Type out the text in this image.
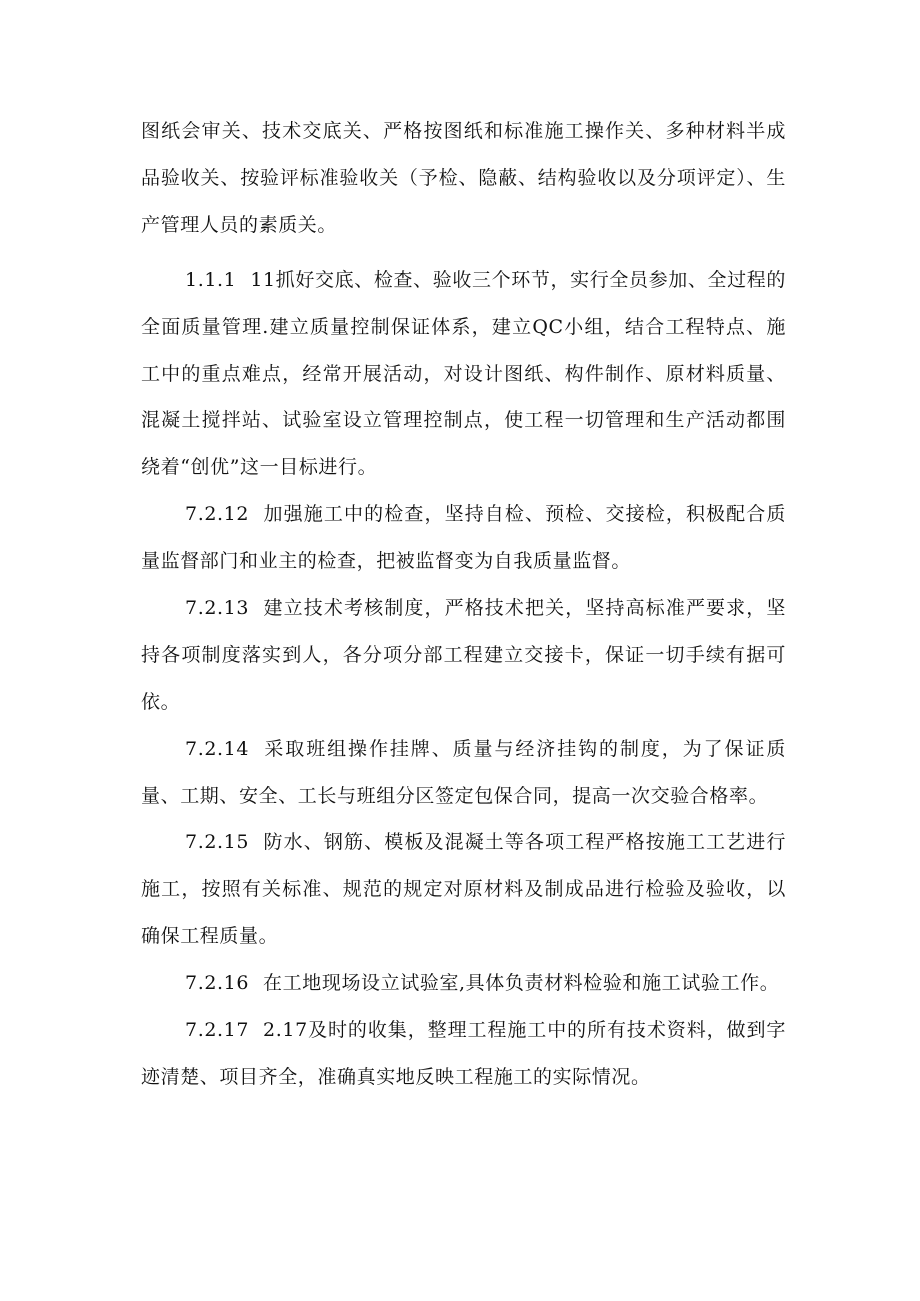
图纸会审关、技术交底关、严格按图纸和标准施工操作关、多种材料半成品验收关、按验评标准验收关（予检、隐蔽、结构验收以及分项评定）、生产管理人员的素质关。

1.1.1 11抓好交底、检查、验收三个环节，实行全员参加、全过程的全面质量管理.建立质量控制保证体系，建立QC小组，结合工程特点、施工中的重点难点，经常开展活动，对设计图纸、构件制作、原材料质量、混凝土搅拌站、试验室设立管理控制点，使工程一切管理和生产活动都围绕着“创优”这一目标进行。

7.2.12 加强施工中的检查，坚持自检、预检、交接检，积极配合质量监督部门和业主的检查，把被监督变为自我质量监督。

7.2.13 建立技术考核制度，严格技术把关，坚持高标准严要求，坚持各项制度落实到人，各分项分部工程建立交接卡，保证一切手续有据可依。

7.2.14 采取班组操作挂牌、质量与经济挂钩的制度，为了保证质量、工期、安全、工长与班组分区签定包保合同，提高一次交验合格率。

7.2.15 防水、钢筋、模板及混凝土等各项工程严格按施工工艺进行施工，按照有关标准、规范的规定对原材料及制成品进行检验及验收，以确保工程质量。

7.2.16 在工地现场设立试验室,具体负责材料检验和施工试验工作。

7.2.17 2.17及时的收集，整理工程施工中的所有技术资料，做到字迹清楚、项目齐全，准确真实地反映工程施工的实际情况。
